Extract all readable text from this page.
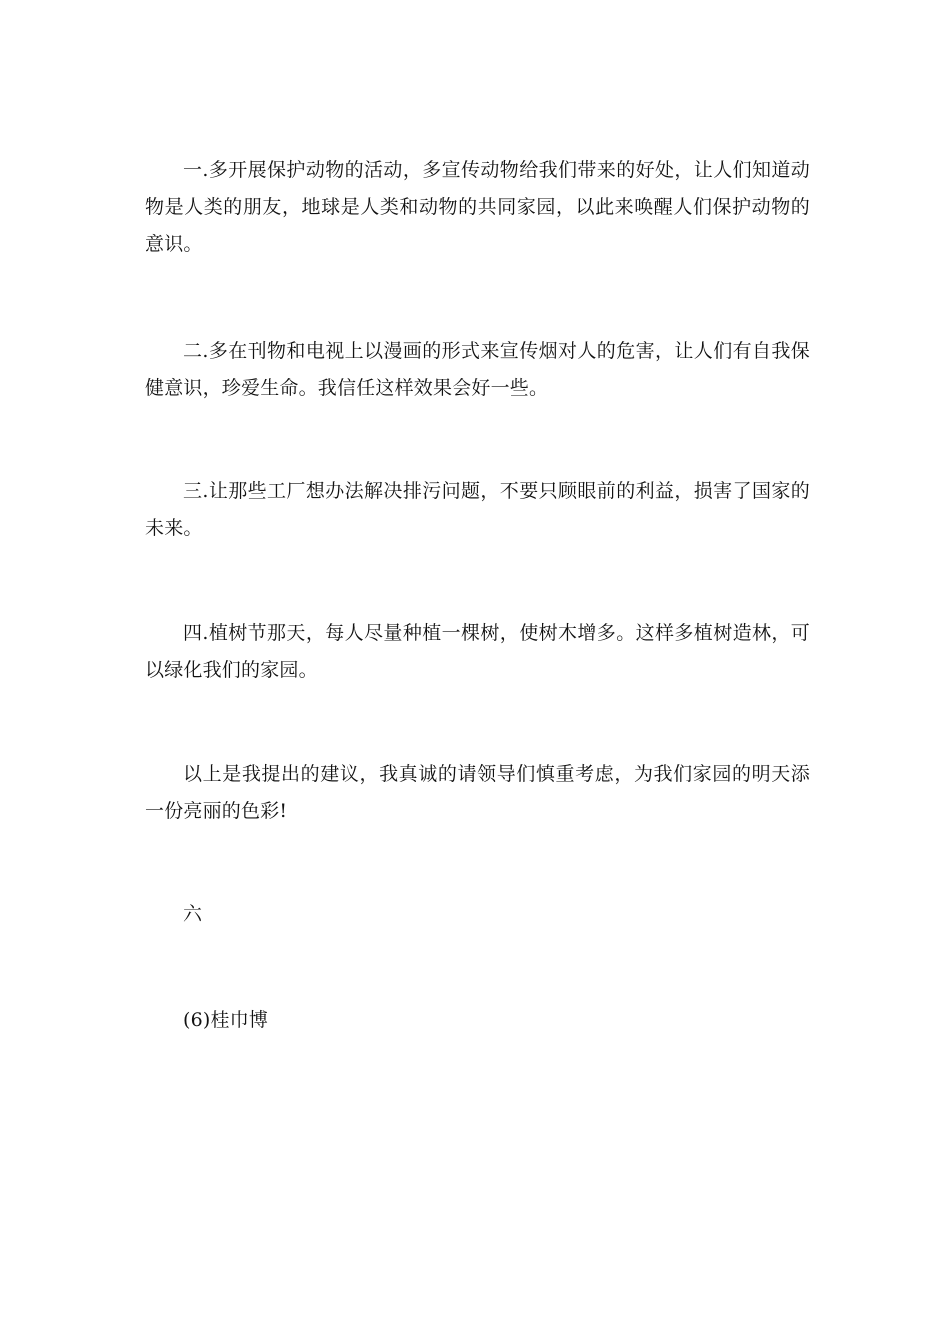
一.多开展保护动物的活动，多宣传动物给我们带来的好处，让人们知道动物是人类的朋友，地球是人类和动物的共同家园，以此来唤醒人们保护动物的意识。

二.多在刊物和电视上以漫画的形式来宣传烟对人的危害，让人们有自我保健意识，珍爱生命。我信任这样效果会好一些。

三.让那些工厂想办法解决排污问题，不要只顾眼前的利益，损害了国家的未来。

四.植树节那天，每人尽量种植一棵树，使树木增多。这样多植树造林，可以绿化我们的家园。

以上是我提出的建议，我真诚的请领导们慎重考虑，为我们家园的明天添一份亮丽的色彩!

六

(6)桂巾博
